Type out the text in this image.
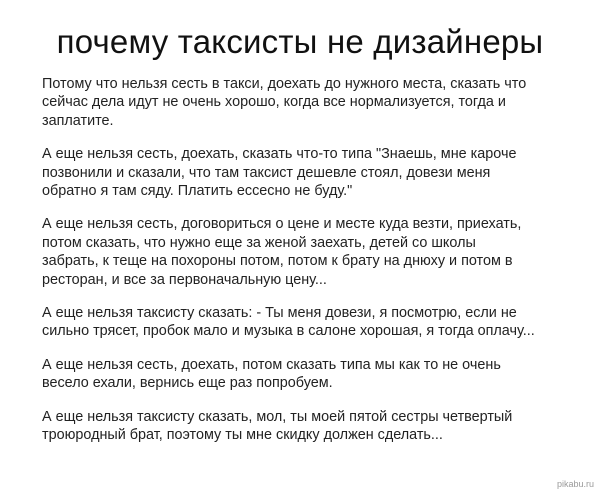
почему таксисты не дизайнеры

Потому что нельзя сесть в такси, доехать до нужного места, сказать что
сейчас дела идут не очень хорошо, когда все нормализуется, тогда и
заплатите.

А еще нельзя сесть, доехать, сказать что-то типа "Знаешь, мне кароче
позвонили и сказали, что там таксист дешевле стоял, довези меня
обратно я там сяду. Платить ессесно не буду."

А еще нельзя сесть, договориться о цене и месте куда везти, приехать,
потом сказать, что нужно еще за женой заехать, детей со школы
забрать, к теще на похороны потом, потом к брату на днюху и потом в
ресторан, и все за первоначальную цену...

А еще нельзя таксисту сказать: - Ты меня довези, я посмотрю, если не
сильно трясет, пробок мало и музыка в салоне хорошая, я тогда оплачу...

А еще нельзя сесть, доехать, потом сказать типа мы как то не очень
весело ехали, вернись еще раз попробуем.

А еще нельзя таксисту сказать, мол, ты моей пятой сестры четвертый
троюродный брат, поэтому ты мне скидку должен сделать...

pikabu.ru
